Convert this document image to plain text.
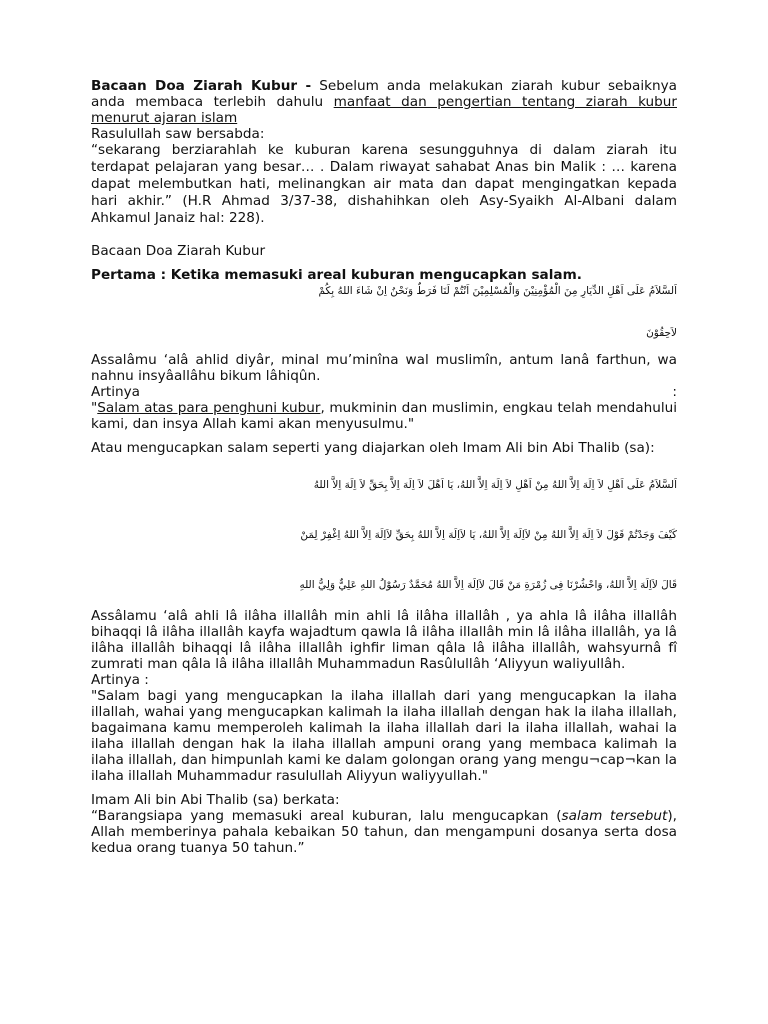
Bacaan Doa Ziarah Kubur - Sebelum anda melakukan ziarah kubur sebaiknya anda membaca terlebih dahulu manfaat dan pengertian tentang ziarah kubur menurut ajaran islam

Rasulullah saw bersabda:

“sekarang berziarahlah ke kuburan karena sesungguhnya di dalam ziarah itu terdapat pelajaran yang besar… . Dalam riwayat sahabat Anas bin Malik : … karena dapat melembutkan hati, melinangkan air mata dan dapat mengingatkan kepada hari akhir.” (H.R Ahmad 3/37-38, dishahihkan oleh Asy-Syaikh Al-Albani dalam Ahkamul Janaiz hal: 228).

Bacaan Doa Ziarah Kubur

Pertama : Ketika memasuki areal kuburan mengucapkan salam.

اَلسَّلاَمُ عَلَى اَهْلِ الدِّيَارِ مِنَ الْمُؤْمِنِيْنَ وَالْمُسْلِمِيْنَ اَنْتُمْ لَنَا فَرَطٌ وَنَحْنُ اِنْ شَاءَ اللهُ بِكُمْ

لاَحِقُوْنَ

Assalâmu ‘alâ ahlid diyâr, minal mu’minîna wal muslimîn, antum lanâ farthun, wa nahnu insyâallâhu bikum lâhiqûn.

Artinya	:

"Salam atas para penghuni kubur, mukminin dan muslimin, engkau telah mendahului kami, dan insya Allah kami akan menyusulmu."

Atau mengucapkan salam seperti yang diajarkan oleh Imam Ali bin Abi Thalib (sa):

اَلسَّلاَمُ عَلَى اَهْلِ لاَ اِلَهَ اِلاَّ اللهُ مِنْ اَهْلِ لاَ اِلَهَ اِلاَّ اللهُ، يَا اَهْلَ لاَ اِلَهَ اِلاَّ بِحَقِّ لاَ اِلَهَ اِلاَّ اللهُ

كَيْفَ وَجَدْتُمْ قَوْلَ لاَ اِلَهَ اِلاَّ اللهُ مِنْ لاَاِلَهَ اِلاَّ اللهُ، يَا لاَاِلَهَ اِلاَّ اللهُ بِحَقِّ لاَاِلَهَ اِلاَّ اللهُ اِغْفِرْ لِمَنْ

قَالَ لاَاِلَهَ اِلاَّ اللهُ، وَاحْشُرْنَا فِى زُمْرَةِ مَنْ قَالَ لاَاِلَهَ اِلاَّ اللهُ مُحَمَّدٌ رَسُوْلُ اللهِ عَلِيٌّ وَلِيُّ اللهِ

Assâlamu ‘alâ ahli lâ ilâha illallâh min ahli lâ ilâha illallâh , ya ahla lâ ilâha illallâh bihaqqi lâ ilâha illallâh kayfa wajadtum qawla lâ ilâha illallâh min lâ ilâha illallâh, ya lâ ilâha illallâh bihaqqi lâ ilâha illallâh ighfir liman qâla lâ ilâha illallâh, wahsyurnâ fî zumrati man qâla lâ ilâha illallâh Muhammadun Rasûlullâh ‘Aliyyun waliyullâh.

Artinya :

"Salam bagi yang mengucapkan la ilaha illallah dari yang mengucapkan la ilaha illallah, wahai yang mengucapkan kalimah la ilaha illallah dengan hak la ilaha illallah, bagaimana kamu memperoleh kalimah la ilaha illallah dari la ilaha illallah, wahai la ilaha illallah dengan hak la ilaha illallah ampuni orang yang membaca kalimah la ilaha illallah, dan himpunlah kami ke dalam golongan orang yang mengu¬cap¬kan la ilaha illallah Muhammadur rasulullah Aliyyun waliyyullah."

Imam Ali bin Abi Thalib (sa) berkata:

“Barangsiapa yang memasuki areal kuburan, lalu mengucapkan (salam tersebut), Allah memberinya pahala kebaikan 50 tahun, dan mengampuni dosanya serta dosa kedua orang tuanya 50 tahun.”
